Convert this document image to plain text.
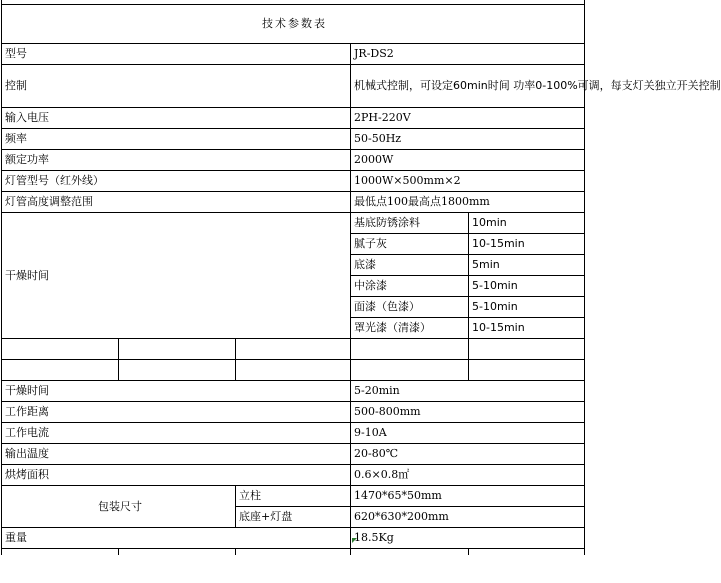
技术参数表				
型号			JR-DS2	
控制			机械式控制，可设定60min时间 功率0-100%可调，每支灯关独立开关控制	
输入电压			2PH-220V	
频率			50-50Hz	
额定功率			2000W	
灯管型号（红外线）			1000W×500mm×2	
灯管高度调整范围			最低点100最高点1800mm	
干燥时间			基底防锈涂料	10min
			腻子灰	10-15min
			底漆	5min
			中涂漆	5-10min
			面漆（色漆）	5-10min
			罩光漆（清漆）	10-15min

干燥时间			5-20min	
工作距离			500-800mm	
工作电流			9-10A	
输出温度			20-80℃	
烘烤面积			0.6×0.8㎡	
包装尺寸		立柱	1470*65*50mm	
		底座+灯盘	620*630*200mm	
重量			18.5Kg	
